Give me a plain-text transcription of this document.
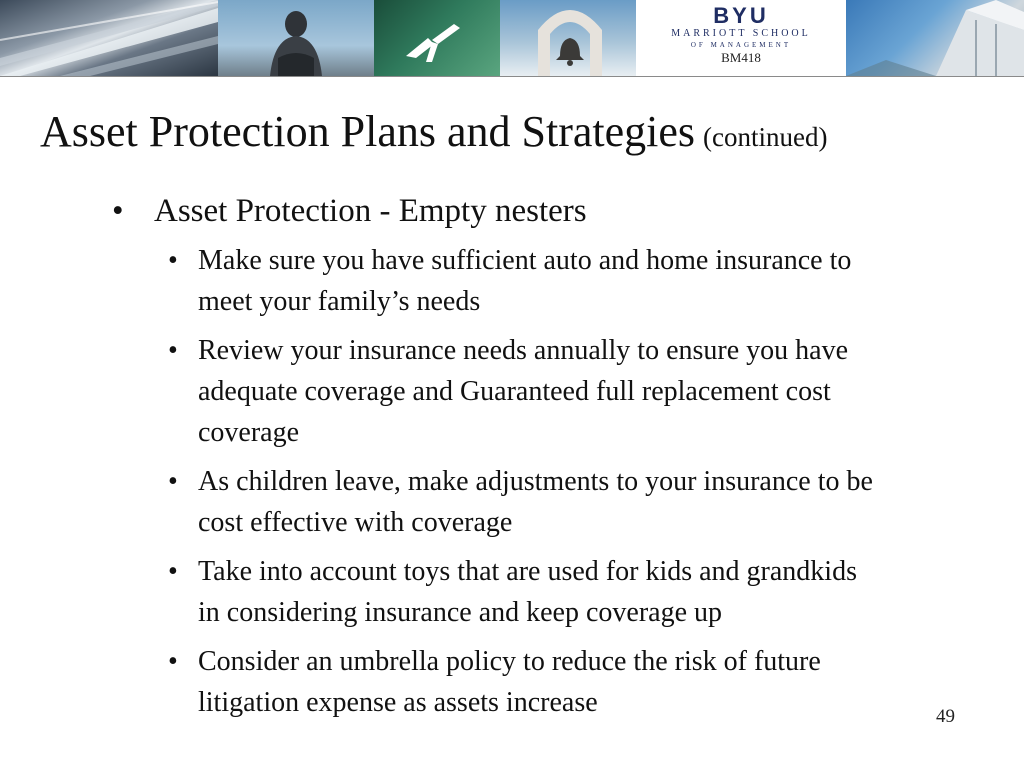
BYU
MARRIOTT SCHOOL
OF MANAGEMENT
BM418
Asset Protection Plans and Strategies (continued)
• Asset Protection - Empty nesters
• Make sure you have sufficient auto and home insurance to meet your family’s needs
• Review your insurance needs annually to ensure you have adequate coverage and Guaranteed full replacement cost coverage
• As children leave, make adjustments to your insurance to be cost effective with coverage
• Take into account toys that are used for kids and grandkids in considering insurance and keep coverage up
• Consider an umbrella policy to reduce the risk of future litigation expense as assets increase	49
